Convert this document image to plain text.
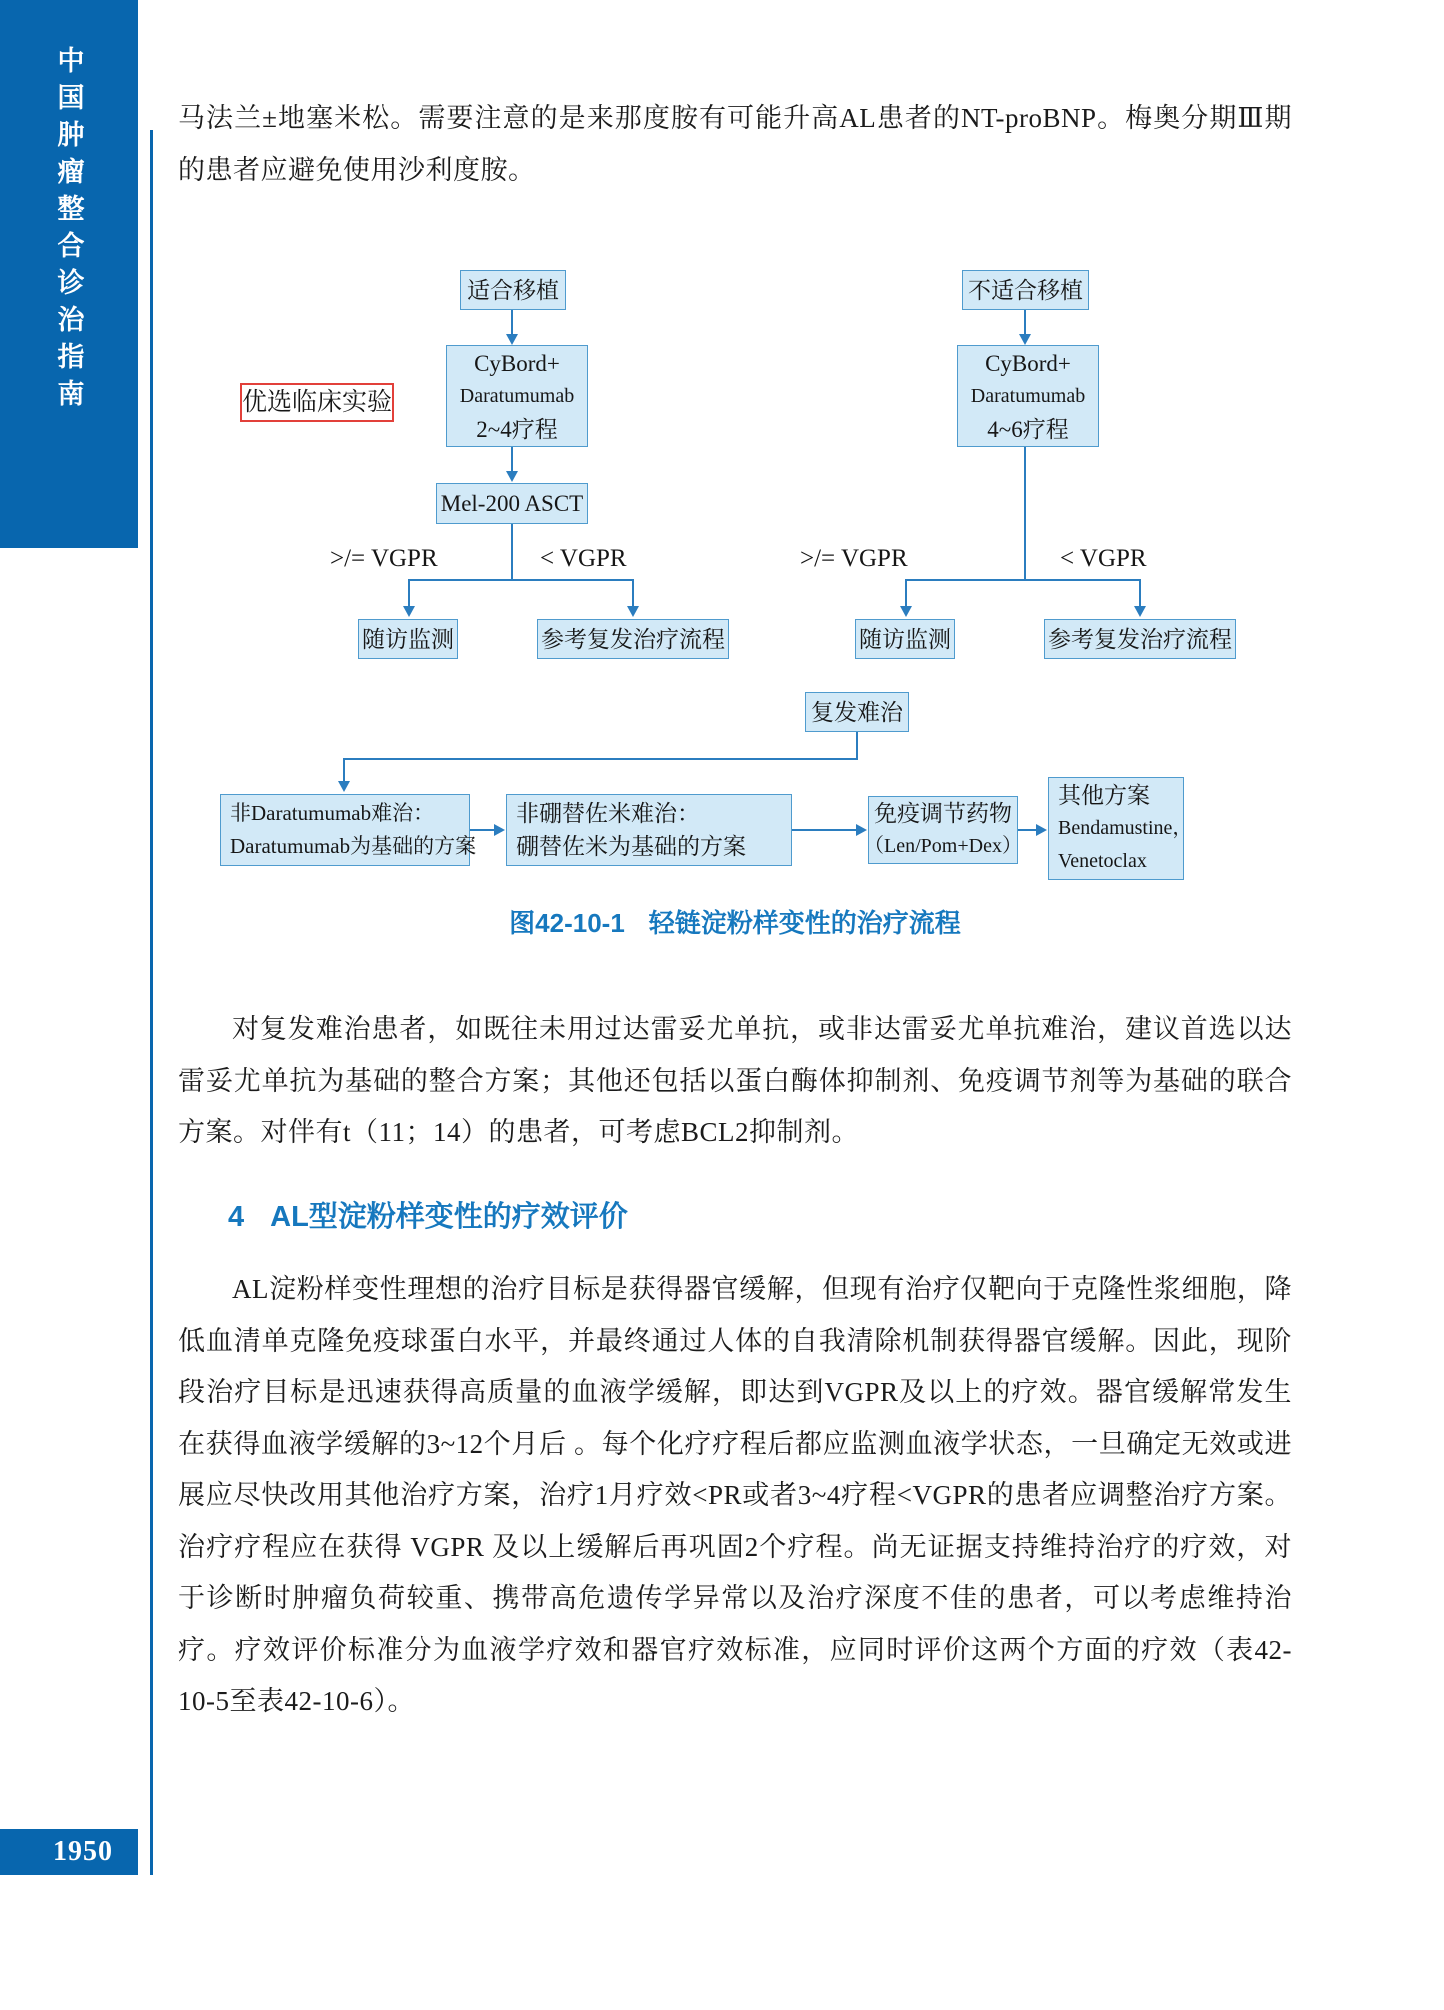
中国肿瘤整合诊治指南
1950
马法兰±地塞米松。需要注意的是来那度胺有可能升高AL患者的NT-proBNP。梅奥分期Ⅲ期的患者应避免使用沙利度胺。
适合移植	不适合移植
优选临床实验
CyBord+
Daratumumab
2~4疗程
CyBord+
Daratumumab
4~6疗程
Mel-200 ASCT
>/= VGPR	< VGPR	>/= VGPR	< VGPR
随访监测	参考复发治疗流程	随访监测	参考复发治疗流程
复发难治
非Daratumumab难治：
Daratumumab为基础的方案
非硼替佐米难治：
硼替佐米为基础的方案
免疫调节药物
（Len/Pom+Dex）
其他方案
Bendamustine，
Venetoclax
图42-10-1 轻链淀粉样变性的治疗流程
对复发难治患者，如既往未用过达雷妥尤单抗，或非达雷妥尤单抗难治，建议首选以达雷妥尤单抗为基础的整合方案；其他还包括以蛋白酶体抑制剂、免疫调节剂等为基础的联合方案。对伴有t（11；14）的患者，可考虑BCL2抑制剂。
4 AL型淀粉样变性的疗效评价
AL淀粉样变性理想的治疗目标是获得器官缓解，但现有治疗仅靶向于克隆性浆细胞，降低血清单克隆免疫球蛋白水平，并最终通过人体的自我清除机制获得器官缓解。因此，现阶段治疗目标是迅速获得高质量的血液学缓解，即达到VGPR及以上的疗效。器官缓解常发生在获得血液学缓解的3~12个月后 。每个化疗疗程后都应监测血液学状态，一旦确定无效或进展应尽快改用其他治疗方案，治疗1月疗效<PR或者3~4疗程<VGPR的患者应调整治疗方案。治疗疗程应在获得 VGPR 及以上缓解后再巩固2个疗程。尚无证据支持维持治疗的疗效，对于诊断时肿瘤负荷较重、携带高危遗传学异常以及治疗深度不佳的患者，可以考虑维持治疗。疗效评价标准分为血液学疗效和器官疗效标准，应同时评价这两个方面的疗效（表42-10-5至表42-10-6）。
